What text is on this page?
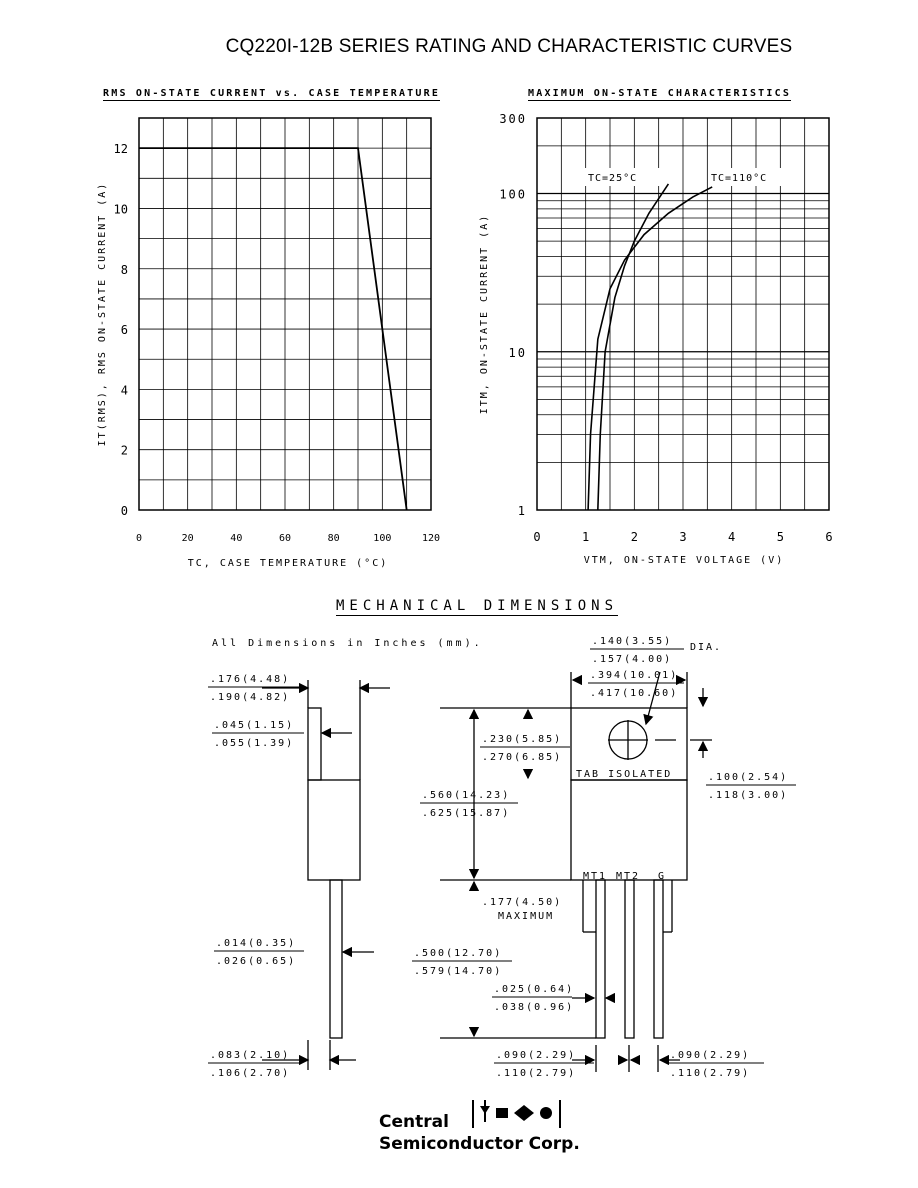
CQ220I-12B SERIES RATING AND CHARACTERISTIC CURVES
RMS ON-STATE CURRENT vs. CASE TEMPERATURE	MAXIMUM ON-STATE CHARACTERISTICS
0	20	40	60	80	100	120
0
2
4
6
8
10
12
IT(RMS), RMS ON-STATE CURRENT (A)
TC, CASE TEMPERATURE (°C)
TC=25°C	TC=110°C
0	1	2	3	4	5	6
1
10
100
300
ITM, ON-STATE CURRENT (A)
VTM, ON-STATE VOLTAGE (V)
MECHANICAL DIMENSIONS
All Dimensions in Inches (mm).
.176(4.48)
.190(4.82)
.045(1.15)
.055(1.39)
.014(0.35)
.026(0.65)
.083(2.10)
.106(2.70)
.140(3.55)
.157(4.00)
DIA.
.394(10.01)
.417(10.60)
.230(5.85)
.270(6.85)
.560(14.23)
.625(15.87)
.100(2.54)
.118(3.00)
.177(4.50)
MAXIMUM
.500(12.70)
.579(14.70)
.025(0.64)
.038(0.96)
.090(2.29)
.110(2.79)
.090(2.29)
.110(2.79)
TAB ISOLATED
MT1 MT2 G
Central
Semiconductor Corp.
